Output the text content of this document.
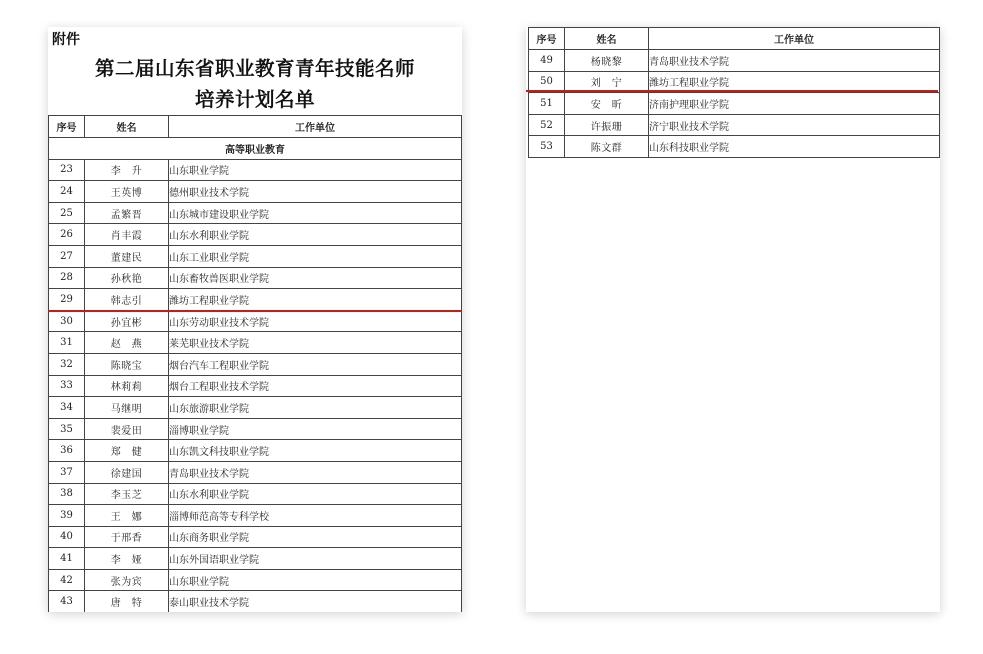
附件
第二届山东省职业教育青年技能名师
培养计划名单
序号	姓名	工作单位
高等职业教育		
23	李　升	山东职业学院
24	王英博	德州职业技术学院
25	孟繁晋	山东城市建设职业学院
26	肖丰霞	山东水利职业学院
27	董建民	山东工业职业学院
28	孙秋艳	山东畜牧兽医职业学院
29	韩志引	潍坊工程职业学院
30	孙宜彬	山东劳动职业技术学院
31	赵　燕	莱芜职业技术学院
32	陈晓宝	烟台汽车工程职业学院
33	林莉莉	烟台工程职业技术学院
34	马继明	山东旅游职业学院
35	裴爱田	淄博职业学院
36	郑　健	山东凯文科技职业学院
37	徐建国	青岛职业技术学院
38	李玉芝	山东水利职业学院
39	王　娜	淄博师范高等专科学校
40	于邢香	山东商务职业学院
41	李　娅	山东外国语职业学院
42	张为宾	山东职业学院
43	唐　特	泰山职业技术学院
序号	姓名	工作单位
49	杨晓黎	青岛职业技术学院
50	刘　宁	潍坊工程职业学院
51	安　昕	济南护理职业学院
52	许振珊	济宁职业技术学院
53	陈文群	山东科技职业学院
